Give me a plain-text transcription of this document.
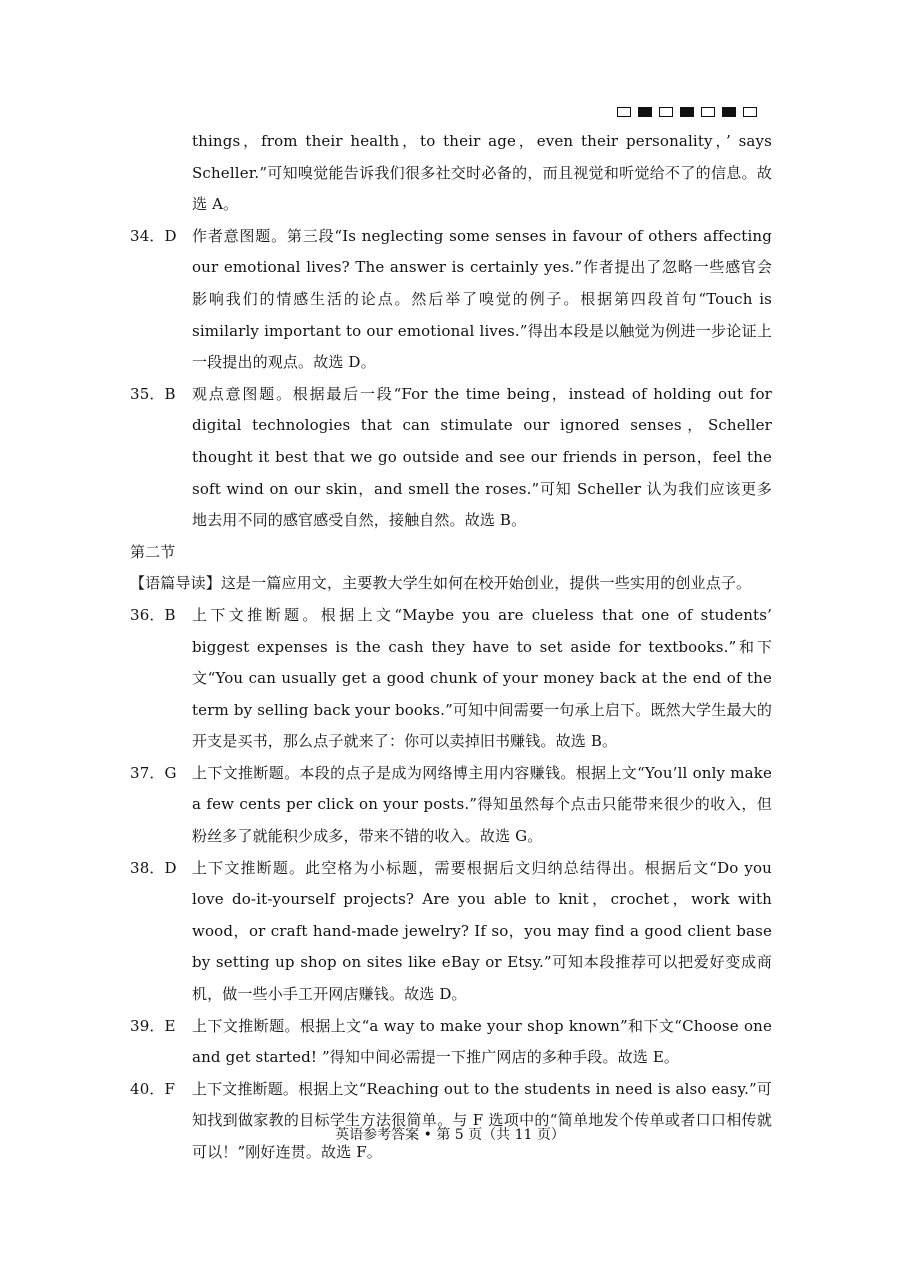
things，from their health，to their age，even their personality，’ says Scheller.”可知嗅觉能告诉我们很多社交时必备的，而且视觉和听觉给不了的信息。故选 A。
34．D	作者意图题。第三段“Is neglecting some senses in favour of others affecting our emotional lives? The answer is certainly yes.”作者提出了忽略一些感官会影响我们的情感生活的论点。然后举了嗅觉的例子。根据第四段首句“Touch is similarly important to our emotional lives.”得出本段是以触觉为例进一步论证上一段提出的观点。故选 D。
35．B	观点意图题。根据最后一段“For the time being，instead of holding out for digital technologies that can stimulate our ignored senses，Scheller thought it best that we go outside and see our friends in person，feel the soft wind on our skin，and smell the roses.”可知 Scheller 认为我们应该更多地去用不同的感官感受自然，接触自然。故选 B。
第二节
【语篇导读】这是一篇应用文，主要教大学生如何在校开始创业，提供一些实用的创业点子。
36．B	上下文推断题。根据上文“Maybe you are clueless that one of students’ biggest expenses is the cash they have to set aside for textbooks.”和下文“You can usually get a good chunk of your money back at the end of the term by selling back your books.”可知中间需要一句承上启下。既然大学生最大的开支是买书，那么点子就来了：你可以卖掉旧书赚钱。故选 B。
37．G	上下文推断题。本段的点子是成为网络博主用内容赚钱。根据上文“You’ll only make a few cents per click on your posts.”得知虽然每个点击只能带来很少的收入，但粉丝多了就能积少成多，带来不错的收入。故选 G。
38．D	上下文推断题。此空格为小标题，需要根据后文归纳总结得出。根据后文“Do you love do-it-yourself projects? Are you able to knit，crochet，work with wood，or craft hand-made jewelry? If so，you may find a good client base by setting up shop on sites like eBay or Etsy.”可知本段推荐可以把爱好变成商机，做一些小手工开网店赚钱。故选 D。
39．E	上下文推断题。根据上文“a way to make your shop known”和下文“Choose one and get started! ”得知中间必需提一下推广网店的多种手段。故选 E。
40．F	上下文推断题。根据上文“Reaching out to the students in need is also easy.”可知找到做家教的目标学生方法很简单。与 F 选项中的“简单地发个传单或者口口相传就可以！”刚好连贯。故选 F。
英语参考答案 • 第 5 页（共 11 页）
